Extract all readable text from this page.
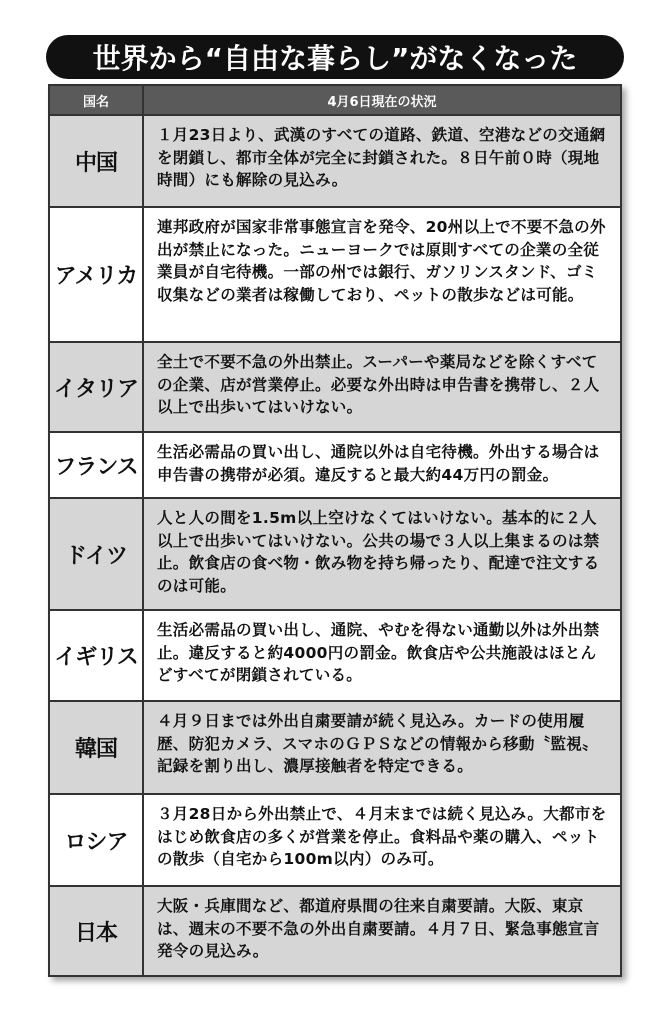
世界から“自由な暮らし”がなくなった
国名	4月6日現在の状況
中国
１月23日より、武漢のすべての道路、鉄道、空港などの交通網を閉鎖し、都市全体が完全に封鎖された。８日午前０時（現地時間）にも解除の見込み。
アメリカ
連邦政府が国家非常事態宣言を発令、20州以上で不要不急の外出が禁止になった。ニューヨークでは原則すべての企業の全従業員が自宅待機。一部の州では銀行、ガソリンスタンド、ゴミ収集などの業者は稼働しており、ペットの散歩などは可能。
イタリア
全土で不要不急の外出禁止。スーパーや薬局などを除くすべての企業、店が営業停止。必要な外出時は申告書を携帯し、２人以上で出歩いてはいけない。
フランス
生活必需品の買い出し、通院以外は自宅待機。外出する場合は申告書の携帯が必須。違反すると最大約44万円の罰金。
ドイツ
人と人の間を1.5m以上空けなくてはいけない。基本的に２人以上で出歩いてはいけない。公共の場で３人以上集まるのは禁止。飲食店の食べ物・飲み物を持ち帰ったり、配達で注文するのは可能。
イギリス
生活必需品の買い出し、通院、やむを得ない通勤以外は外出禁止。違反すると約4000円の罰金。飲食店や公共施設はほとんどすべてが閉鎖されている。
韓国
４月９日までは外出自粛要請が続く見込み。カードの使用履歴、防犯カメラ、スマホのＧＰＳなどの情報から移動〝監視〟記録を割り出し、濃厚接触者を特定できる。
ロシア
３月28日から外出禁止で、４月末までは続く見込み。大都市をはじめ飲食店の多くが営業を停止。食料品や薬の購入、ペットの散歩（自宅から100m以内）のみ可。
日本
大阪・兵庫間など、都道府県間の往来自粛要請。大阪、東京は、週末の不要不急の外出自粛要請。４月７日、緊急事態宣言発令の見込み。
